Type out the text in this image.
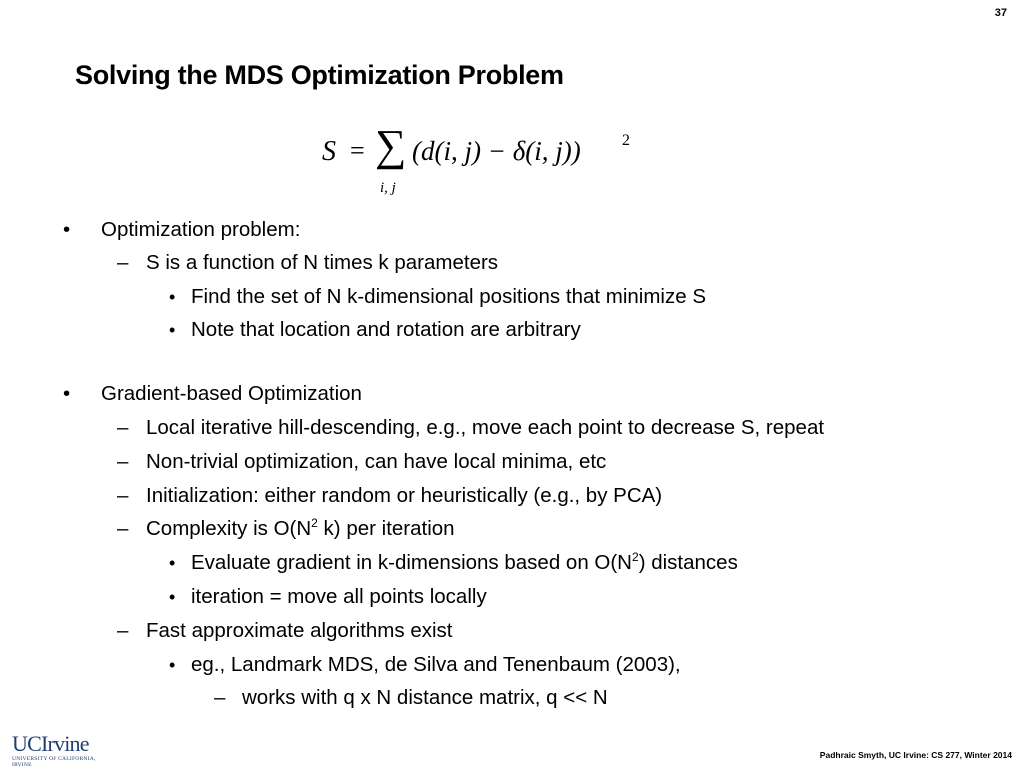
37
Solving the MDS Optimization Problem
S = ∑
i, j
(d(i, j) − δ(i, j))	2
• Optimization problem:
– S is a function of N times k parameters
• Find the set of N k-dimensional positions that minimize S
• Note that location and rotation are arbitrary
• Gradient-based Optimization
– Local iterative hill-descending, e.g., move each point to decrease S, repeat
– Non-trivial optimization, can have local minima, etc
– Initialization: either random or heuristically (e.g., by PCA)
– Complexity is $O(N^2$ k) per iteration
• Evaluate gradient in k-dimensions based on $O(N^2)$ distances
• iteration = move all points locally
– Fast approximate algorithms exist
• eg., Landmark MDS, de Silva and Tenenbaum (2003),
– works with q x N distance matrix, q << N
UCIrvine
UNIVERSITY OF CALIFORNIA, IRVINE
Padhraic Smyth, UC Irvine: CS 277, Winter 2014
